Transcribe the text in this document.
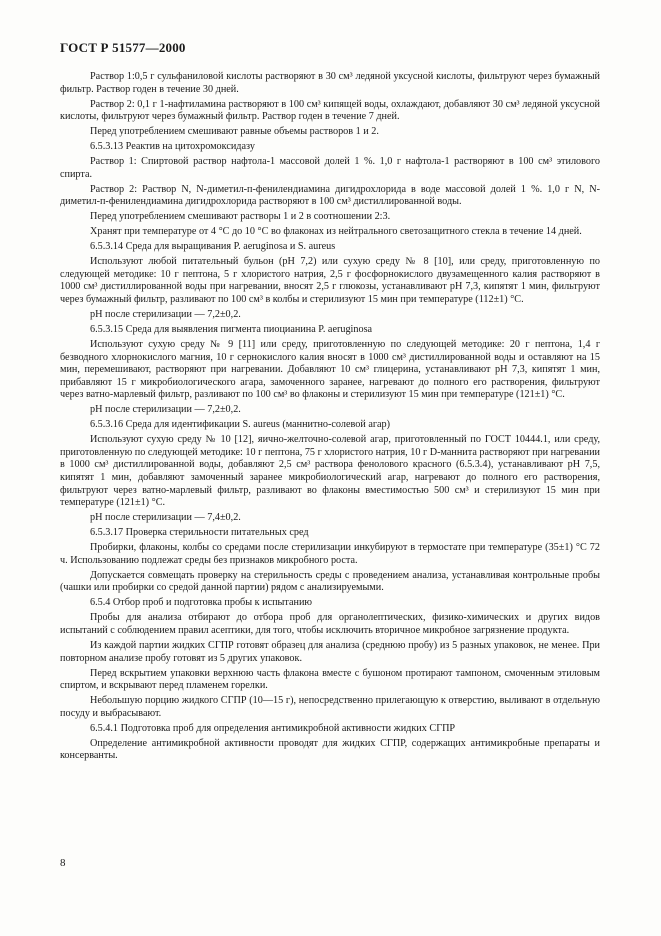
ГОСТ Р 51577—2000

Раствор 1:0,5 г сульфаниловой кислоты растворяют в 30 см³ ледяной уксусной кислоты, фильтруют через бумажный фильтр. Раствор годен в течение 30 дней.

Раствор 2: 0,1 г 1-нафтиламина растворяют в 100 см³ кипящей воды, охлаждают, добавляют 30 см³ ледяной уксусной кислоты, фильтруют через бумажный фильтр. Раствор годен в течение 7 дней.

Перед употреблением смешивают равные объемы растворов 1 и 2.

6.5.3.13 Реактив на цитохромоксидазу

Раствор 1: Спиртовой раствор нафтола-1 массовой долей 1 %. 1,0 г нафтола-1 растворяют в 100 см³ этилового спирта.

Раствор 2: Раствор N, N-диметил-п-фенилендиамина дигидрохлорида в воде массовой долей 1 %. 1,0 г N, N-диметил-п-фенилендиамина дигидрохлорида растворяют в 100 см³ дистиллированной воды.

Перед употреблением смешивают растворы 1 и 2 в соотношении 2:3.

Хранят при температуре от 4 °С до 10 °С во флаконах из нейтрального светозащитного стекла в течение 14 дней.

6.5.3.14 Среда для выращивания P. aeruginosa и S. aureus

Используют любой питательный бульон (рН 7,2) или сухую среду № 8 [10], или среду, приготовленную по следующей методике: 10 г пептона, 5 г хлористого натрия, 2,5 г фосфорнокислого двузамещенного калия растворяют в 1000 см³ дистиллированной воды при нагревании, вносят 2,5 г глюкозы, устанавливают рН 7,3, кипятят 1 мин, фильтруют через бумажный фильтр, разливают по 100 см³ в колбы и стерилизуют 15 мин при температуре (112±1) °С.

рН после стерилизации — 7,2±0,2.

6.5.3.15 Среда для выявления пигмента пиоцианина P. aeruginosa

Используют сухую среду № 9 [11] или среду, приготовленную по следующей методике: 20 г пептона, 1,4 г безводного хлорнокислого магния, 10 г сернокислого калия вносят в 1000 см³ дистиллированной воды и оставляют на 15 мин, перемешивают, растворяют при нагревании. Добавляют 10 см³ глицерина, устанавливают рН 7,3, кипятят 1 мин, прибавляют 15 г микробиологического агара, замоченного заранее, нагревают до полного его растворения, фильтруют через ватно-марлевый фильтр, разливают по 100 см³ во флаконы и стерилизуют 15 мин при температуре (121±1) °С.

рН после стерилизации — 7,2±0,2.

6.5.3.16 Среда для идентификации S. aureus (маннитно-солевой агар)

Используют сухую среду № 10 [12], яично-желточно-солевой агар, приготовленный по ГОСТ 10444.1, или среду, приготовленную по следующей методике: 10 г пептона, 75 г хлористого натрия, 10 г D-маннита растворяют при нагревании в 1000 см³ дистиллированной воды, добавляют 2,5 см³ раствора фенолового красного (6.5.3.4), устанавливают рН 7,5, кипятят 1 мин, добавляют замоченный заранее микробиологический агар, нагревают до полного его растворения, фильтруют через ватно-марлевый фильтр, разливают во флаконы вместимостью 500 см³ и стерилизуют 15 мин при температуре (121±1) °С.

рН после стерилизации — 7,4±0,2.

6.5.3.17 Проверка стерильности питательных сред

Пробирки, флаконы, колбы со средами после стерилизации инкубируют в термостате при температуре (35±1) °С 72 ч. Использованию подлежат среды без признаков микробного роста.

Допускается совмещать проверку на стерильность среды с проведением анализа, устанавливая контрольные пробы (чашки или пробирки со средой данной партии) рядом с анализируемыми.

6.5.4 Отбор проб и подготовка пробы к испытанию

Пробы для анализа отбирают до отбора проб для органолептических, физико-химических и других видов испытаний с соблюдением правил асептики, для того, чтобы исключить вторичное микробное загрязнение продукта.

Из каждой партии жидких СГПР готовят образец для анализа (среднюю пробу) из 5 разных упаковок, не менее. При повторном анализе пробу готовят из 5 других упаковок.

Перед вскрытием упаковки верхнюю часть флакона вместе с бушоном протирают тампоном, смоченным этиловым спиртом, и вскрывают перед пламенем горелки.

Небольшую порцию жидкого СГПР (10—15 г), непосредственно прилегающую к отверстию, выливают в отдельную посуду и выбрасывают.

6.5.4.1 Подготовка проб для определения антимикробной активности жидких СГПР

Определение антимикробной активности проводят для жидких СГПР, содержащих антимикробные препараты и консерванты.

8
